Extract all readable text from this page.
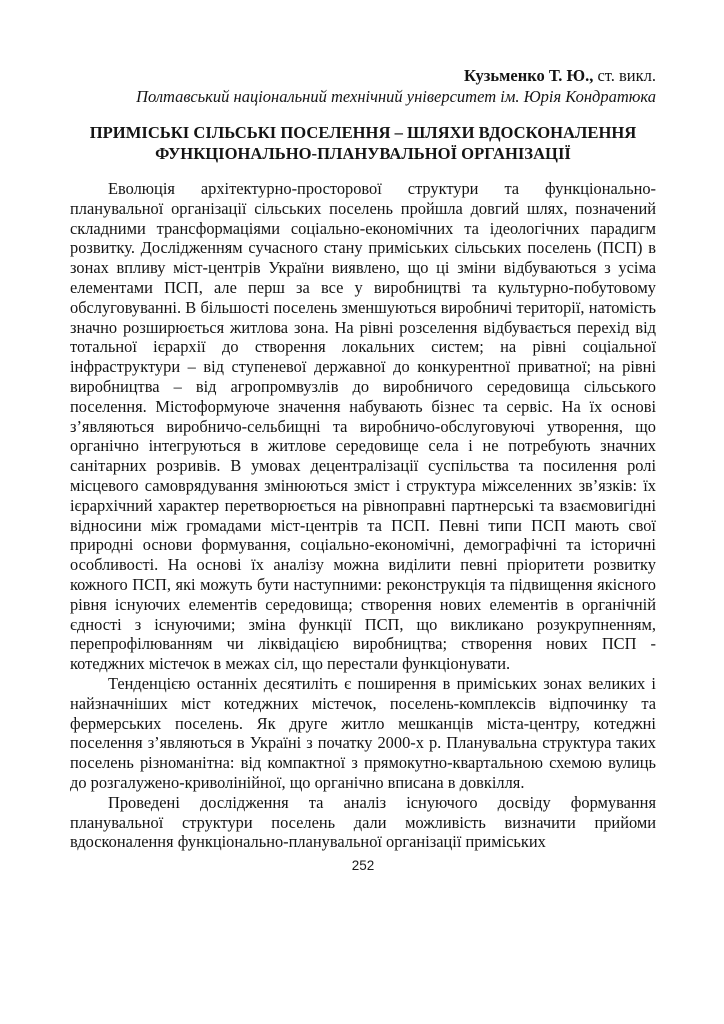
Кузьменко Т. Ю., ст. викл.
Полтавський національний технічний університет ім. Юрія Кондратюка
ПРИМІСЬКІ СІЛЬСЬКІ ПОСЕЛЕННЯ – ШЛЯХИ ВДОСКОНАЛЕННЯ ФУНКЦІОНАЛЬНО-ПЛАНУВАЛЬНОЇ ОРГАНІЗАЦІЇ

Еволюція архітектурно-просторової структури та функціонально-планувальної організації сільських поселень пройшла довгий шлях, позначений складними трансформаціями соціально-економічних та ідеологічних парадигм розвитку. Дослідженням сучасного стану приміських сільських поселень (ПСП) в зонах впливу міст-центрів України виявлено, що ці зміни відбуваються з усіма елементами ПСП, але перш за все у виробництві та культурно-побутовому обслуговуванні. В більшості поселень зменшуються виробничі території, натомість значно розширюється житлова зона. На рівні розселення відбувається перехід від тотальної ієрархії до створення локальних систем; на рівні соціальної інфраструктури – від ступеневої державної до конкурентної приватної; на рівні виробництва – від агропромвузлів до виробничого середовища сільського поселення. Містоформуюче значення набувають бізнес та сервіс. На їх основі з’являються виробничо-сельбищні та виробничо-обслуговуючі утворення, що органічно інтегруються в житлове середовище села і не потребують значних санітарних розривів. В умовах децентралізації суспільства та посилення ролі місцевого самоврядування змінюються зміст і структура міжселенних зв’язків: їх ієрархічний характер перетворюється на рівноправні партнерські та взаємовигідні відносини між громадами міст-центрів та ПСП. Певні типи ПСП мають свої природні основи формування, соціально-економічні, демографічні та історичні особливості. На основі їх аналізу можна виділити певні пріоритети розвитку кожного ПСП, які можуть бути наступними: реконструкція та підвищення якісного рівня існуючих елементів середовища; створення нових елементів в органічній єдності з існуючими; зміна функції ПСП, що викликано розукрупненням, перепрофілюванням чи ліквідацією виробництва; створення нових ПСП - котеджних містечок в межах сіл, що перестали функціонувати.

Тенденцією останніх десятиліть є поширення в приміських зонах великих і найзначніших міст котеджних містечок, поселень-комплексів відпочинку та фермерських поселень. Як друге житло мешканців міста-центру, котеджні поселення з’являються в Україні з початку 2000-х р. Планувальна структура таких поселень різноманітна: від компактної з прямокутно-квартальною схемою вулиць до розгалужено-криволінійної, що органічно вписана в довкілля.

Проведені дослідження та аналіз існуючого досвіду формування планувальної структури поселень дали можливість визначити прийоми вдосконалення функціонально-планувальної організації приміських

252
